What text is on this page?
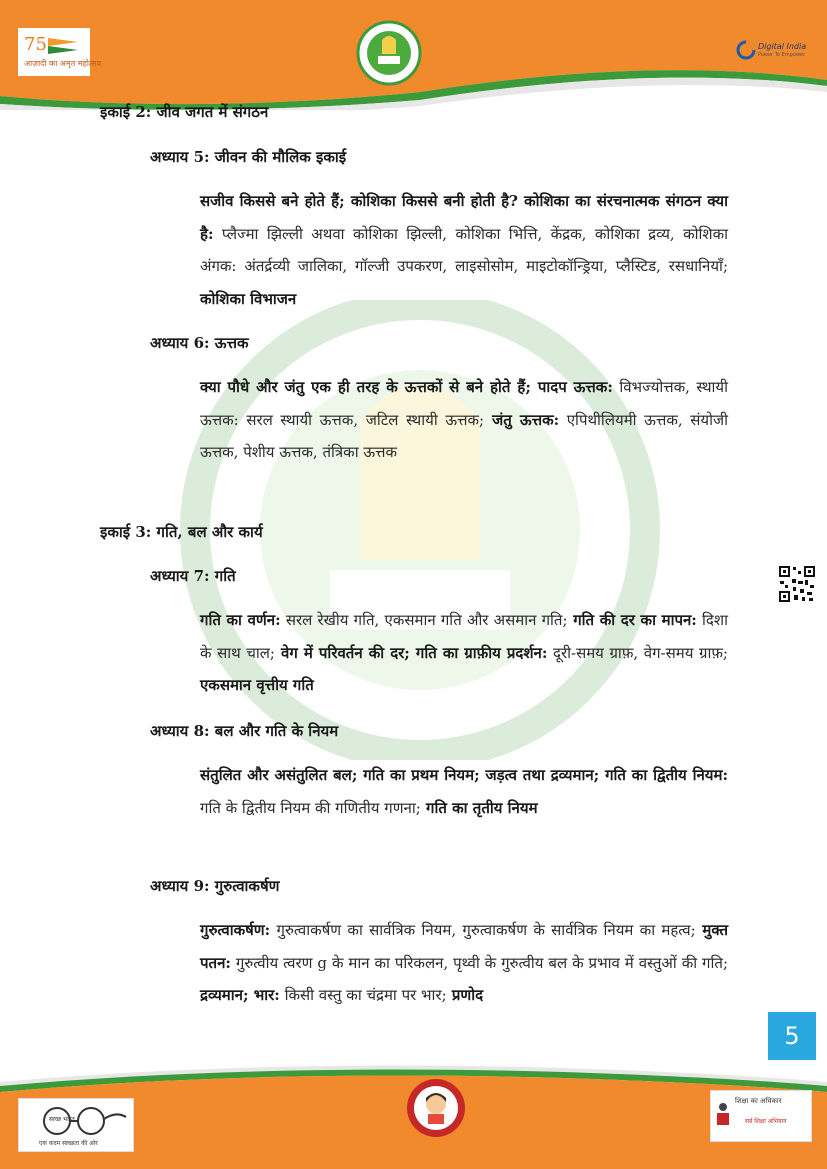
75
आज़ादी का अमृत महोत्सव
Digital India
Power To Empower
इकाई 2: जीव जगत में संगठन
अध्याय 5: जीवन की मौलिक इकाई
सजीव किससे बने होते हैं; कोशिका किससे बनी होती है? कोशिका का संरचनात्मक संगठन क्या है: प्लैज्मा झिल्ली अथवा कोशिका झिल्ली, कोशिका भित्ति, केंद्रक, कोशिका द्रव्य, कोशिका अंगक: अंतर्द्रव्यी जालिका, गॉल्जी उपकरण, लाइसोसोम, माइटोकॉन्ड्रिया, प्लैस्टिड, रसधानियाँ; कोशिका विभाजन
अध्याय 6: ऊत्तक
क्या पौधे और जंतु एक ही तरह के ऊत्तकों से बने होते हैं; पादप ऊत्तक: विभज्योत्तक, स्थायी ऊत्तक: सरल स्थायी ऊत्तक, जटिल स्थायी ऊत्तक; जंतु ऊत्तक: एपिथीलियमी ऊत्तक, संयोजी ऊत्तक, पेशीय ऊत्तक, तंत्रिका ऊत्तक
इकाई 3: गति, बल और कार्य
अध्याय 7: गति
गति का वर्णन: सरल रेखीय गति, एकसमान गति और असमान गति; गति की दर का मापन: दिशा के साथ चाल; वेग में परिवर्तन की दर; गति का ग्राफ़ीय प्रदर्शन: दूरी-समय ग्राफ़, वेग-समय ग्राफ़; एकसमान वृत्तीय गति
अध्याय 8: बल और गति के नियम
संतुलित और असंतुलित बल; गति का प्रथम नियम; जड़त्व तथा द्रव्यमान; गति का द्वितीय नियम: गति के द्वितीय नियम की गणितीय गणना; गति का तृतीय नियम
अध्याय 9: गुरुत्वाकर्षण
गुरुत्वाकर्षण: गुरुत्वाकर्षण का सार्वत्रिक नियम, गुरुत्वाकर्षण के सार्वत्रिक नियम का महत्व; मुक्त पतन: गुरुत्वीय त्वरण g के मान का परिकलन, पृथ्वी के गुरुत्वीय बल के प्रभाव में वस्तुओं की गति; द्रव्यमान; भार: किसी वस्तु का चंद्रमा पर भार; प्रणोद
5
स्वच्छ भारत
एक कदम स्वच्छता की ओर
शिक्षा का अधिकार
सर्व शिक्षा अभियान
